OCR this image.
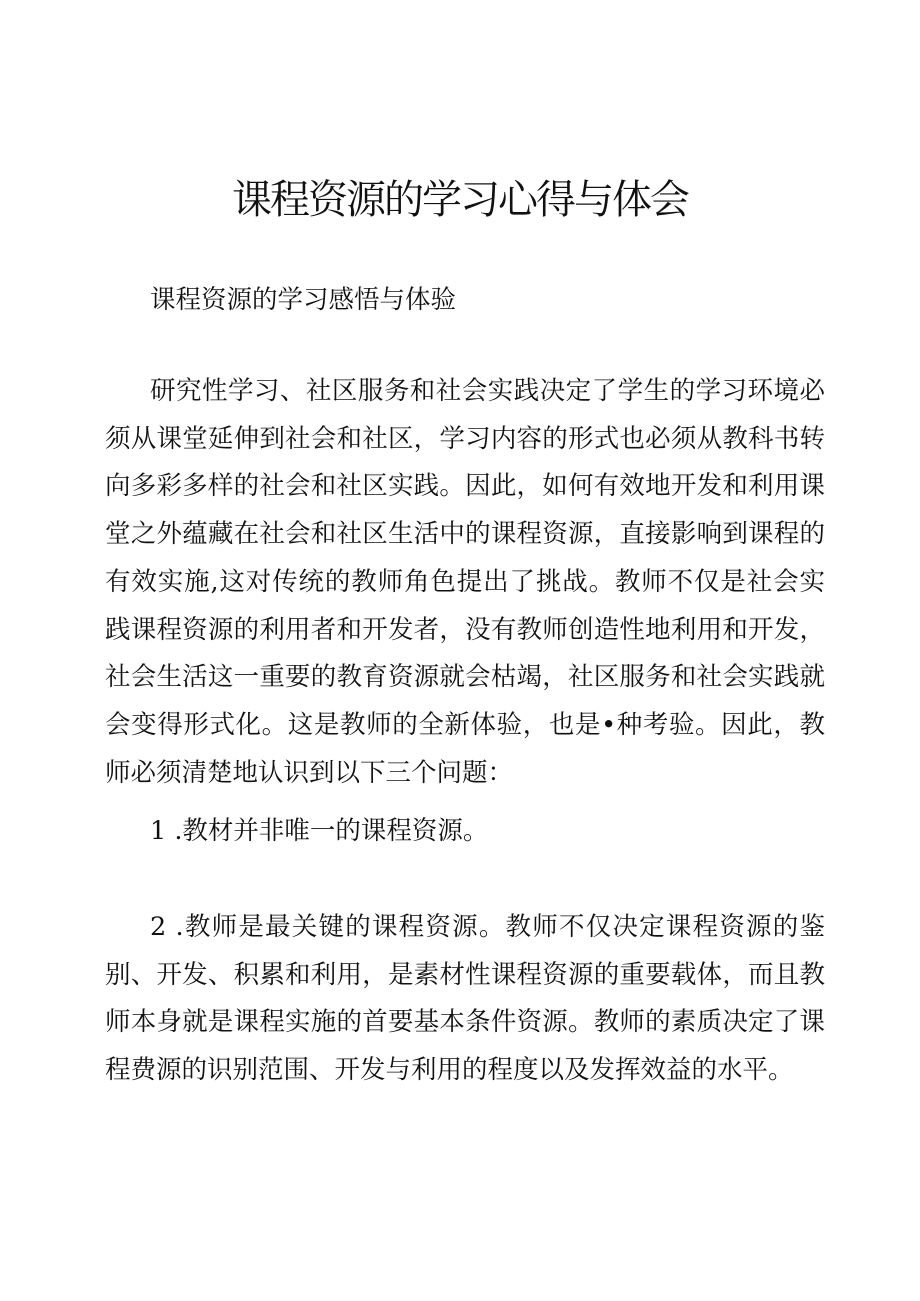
课程资源的学习心得与体会

课程资源的学习感悟与体验

研究性学习、社区服务和社会实践决定了学生的学习环境必须从课堂延伸到社会和社区，学习内容的形式也必须从教科书转向多彩多样的社会和社区实践。因此，如何有效地开发和利用课堂之外蕴藏在社会和社区生活中的课程资源，直接影响到课程的有效实施,这对传统的教师角色提出了挑战。教师不仅是社会实践课程资源的利用者和开发者，没有教师创造性地利用和开发，社会生活这一重要的教育资源就会枯竭，社区服务和社会实践就会变得形式化。这是教师的全新体验，也是•种考验。因此，教师必须清楚地认识到以下三个问题：

1 .教材并非唯一的课程资源。

2 .教师是最关键的课程资源。教师不仅决定课程资源的鉴别、开发、积累和利用，是素材性课程资源的重要载体，而且教师本身就是课程实施的首要基本条件资源。教师的素质决定了课程费源的识别范围、开发与利用的程度以及发挥效益的水平。
